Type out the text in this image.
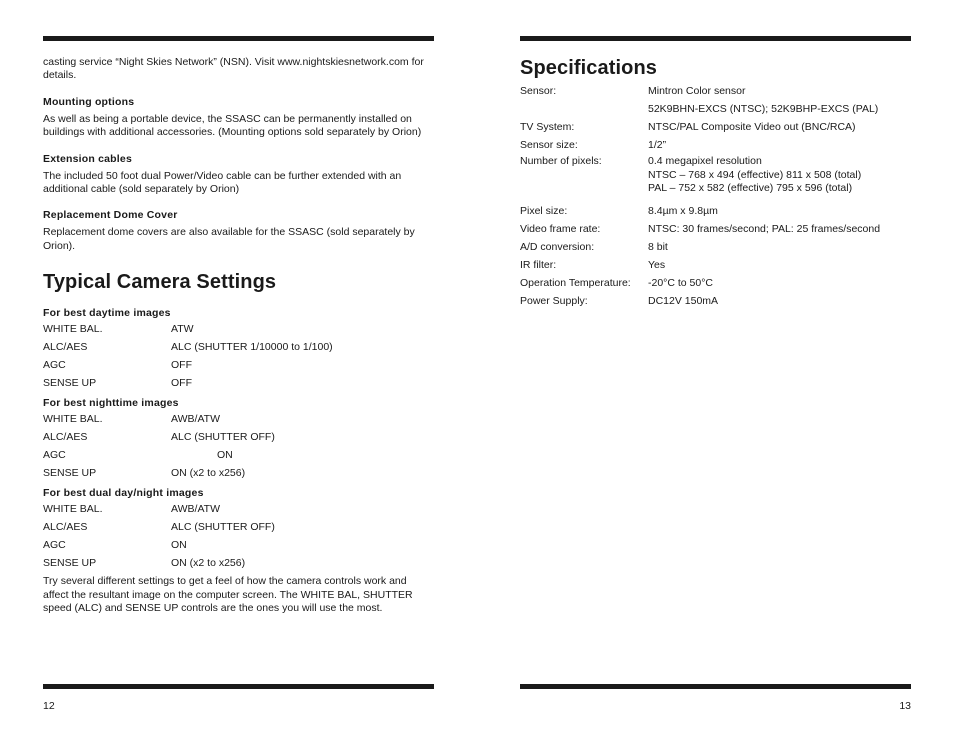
casting service “Night Skies Network” (NSN). Visit www.nightskiesnetwork.com for details.

Mounting options

As well as being a portable device, the SSASC can be permanently installed on buildings with additional accessories. (Mounting options sold separately by Orion)

Extension cables

The included 50 foot dual Power/Video cable can be further extended with an additional cable (sold separately by Orion)

Replacement Dome Cover

Replacement dome covers are also available for the SSASC (sold separately by Orion).

Typical Camera Settings
For best daytime images
WHITE BAL.	ATW
ALC/AES	ALC (SHUTTER 1/10000 to 1/100)
AGC	OFF
SENSE UP	OFF
For best nighttime images
WHITE BAL.	AWB/ATW
ALC/AES	ALC (SHUTTER OFF)
AGC	ON
SENSE UP	ON (x2 to x256)
For best dual day/night images
WHITE BAL.	AWB/ATW
ALC/AES	ALC (SHUTTER OFF)
AGC	ON
SENSE UP	ON (x2 to x256)

Try several different settings to get a feel of how the camera controls work and affect the resultant image on the computer screen. The WHITE BAL, SHUTTER speed (ALC) and SENSE UP controls are the ones you will use the most.

12
Specifications
Sensor:	Mintron Color sensor
52K9BHN-EXCS (NTSC); 52K9BHP-EXCS (PAL)
TV System:	NTSC/PAL Composite Video out (BNC/RCA)
Sensor size:	1/2”
Number of pixels:	0.4 megapixel resolution
NTSC – 768 x 494 (effective) 811 x 508 (total)
PAL – 752 x 582 (effective) 795 x 596 (total)
Pixel size:	8.4µm x 9.8µm
Video frame rate:	NTSC: 30 frames/second; PAL: 25 frames/second
A/D conversion:	8 bit
IR filter:	Yes
Operation Temperature:	-20°C to 50°C
Power Supply:	DC12V 150mA
13
